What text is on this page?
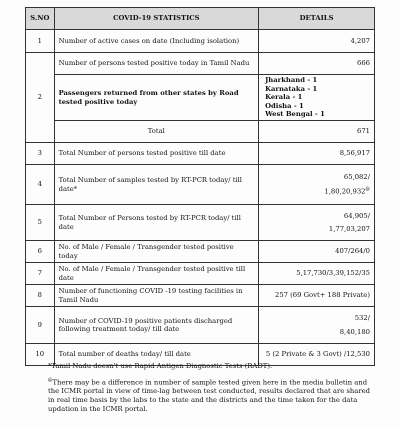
S.NO	COVID-19 STATISTICS	DETAILS
1	Number of active cases on date (Including isolation)	4,207
2	Number of persons tested positive today in Tamil Nadu	666
	Passengers returned from other states by Road tested positive today	Jharkhand - 1
Karnataka - 1
Kerala - 1
Odisha - 1
West Bengal - 1

	Total	671
3	Total Number of persons tested positive till date	8,56,917
4	Total Number of samples tested by RT-PCR today/ till date*	65,082/
1,80,20,932@

5	Total Number of Persons tested by RT-PCR today/ till date	64,905/
1,77,03,207

6	No. of Male / Female / Transgender tested positive today	407/264/0
7	No. of Male / Female / Transgender tested positive till date	5,17,730/3,39,152/35
8	Number of functioning COVID -19 testing facilities in Tamil Nadu	257 (69 Govt+ 188 Private)
9	Number of COVID-19 positive patients discharged following treatment today/ till date	532/
8,40,180

10	Total number of deaths today/ till date	5 (2 Private & 3 Govt) /12,530
*Tamil Nadu doesn't use Rapid Antigen Diagnostic Tests (RADT).
@There may be a difference in number of sample tested given here in the media bulletin and the ICMR portal in view of time-lag between test conducted, results declared that are shared in real time basis by the labs to the state and the districts and the time taken for the data updation in the ICMR portal.
